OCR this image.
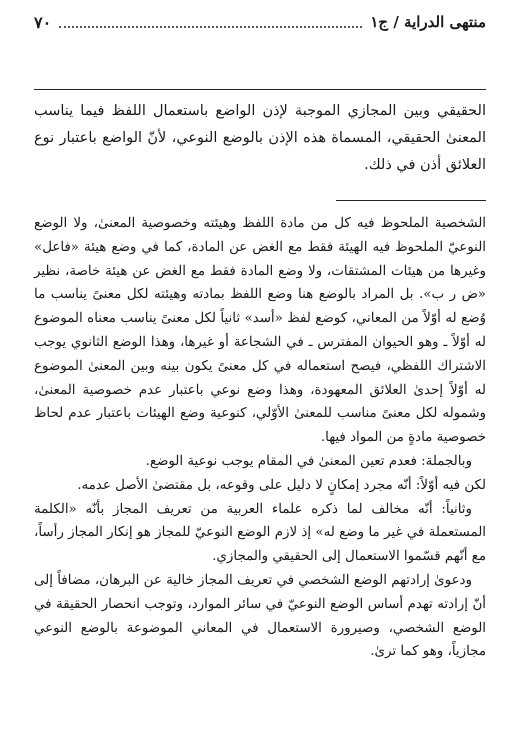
منتهى الدراية / ج١
٧٠

الحقيقي وبين المجازي الموجبة لإذن الواضع باستعمال اللفظ فيما يناسب المعنىٰ الحقيقي، المسماة هذه الإذن بالوضع النوعي، لأنّ الواضع باعتبار نوع العلائق أذن في ذلك.

الشخصية الملحوظ فيه كل من مادة اللفظ وهيئته وخصوصية المعنىٰ، ولا الوضع النوعيّ الملحوظ فيه الهيئة فقط مع الغض عن المادة، كما في وضع هيئة «فاعل» وغيرها من هيئات المشتقات، ولا وضع المادة فقط مع الغض عن هيئة خاصة، نظير «ض ر ب». بل المراد بالوضع هنا وضع اللفظ بمادته وهيئته لكل معنىً يناسب ما وُضع له أوّلاً من المعاني، كوضع لفظ «أسد» ثانياً لكل معنىً يناسب معناه الموضوع له أوّلاً ـ وهو الحيوان المفترس ـ في الشجاعة أو غيرها، وهذا الوضع الثانوي يوجب الاشتراك اللفظي، فيصح استعماله في كل معنىً يكون بينه وبين المعنىٰ الموضوع له أوّلاً إحدىٰ العلائق المعهودة، وهذا وضع نوعي باعتبار عدم خصوصية المعنىٰ، وشموله لكل معنىً مناسب للمعنىٰ الأوّلي، كنوعية وضع الهيئات باعتبار عدم لحاظ خصوصية مادةٍ من المواد فيها.

وبالجملة: فعدم تعين المعنىٰ في المقام يوجب نوعية الوضع.

لكن فيه أوّلاً: أنّه مجرد إمكانٍ لا دليل على وقوعه، بل مقتضىٰ الأصل عدمه.

وثانياً: أنّه مخالف لما ذكره علماء العربية من تعريف المجاز بأنّه «الكلمة المستعملة في غير ما وضع له» إذ لازم الوضع النوعيّ للمجاز هو إنكار المجاز رأساً، مع أنّهم قسّموا الاستعمال إلى الحقيقي والمجازي.

ودعوىٰ إرادتهم الوضع الشخصي في تعريف المجاز خالية عن البرهان، مضافاً إلى أنّ إرادته تهدم أساس الوضع النوعيّ في سائر الموارد، وتوجب انحصار الحقيقة في الوضع الشخصي، وصيرورة الاستعمال في المعاني الموضوعة بالوضع النوعي مجازياً، وهو كما ترىٰ.
